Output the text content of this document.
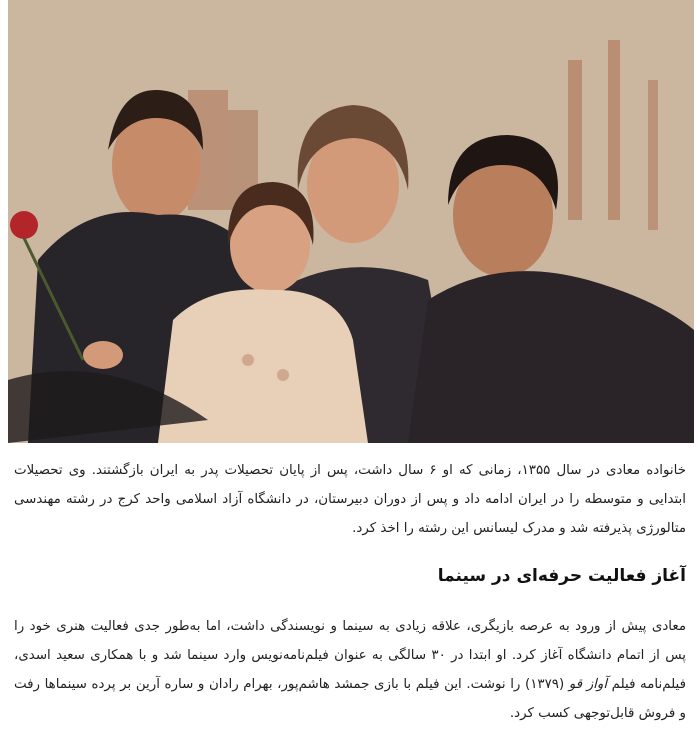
خانواده معادی در سال ۱۳۵۵، زمانی که او ۶ سال داشت، پس از پایان تحصیلات پدر به ایران بازگشتند. وی تحصیلات ابتدایی و متوسطه را در ایران ادامه داد و پس از دوران دبیرستان، در دانشگاه آزاد اسلامی واحد کرج در رشته مهندسی متالورژی پذیرفته شد و مدرک لیسانس این رشته را اخذ کرد.

آغاز فعالیت حرفه‌ای در سینما

معادی پیش از ورود به عرصه بازیگری، علاقه زیادی به سینما و نویسندگی داشت، اما به‌طور جدی فعالیت هنری خود را پس از اتمام دانشگاه آغاز کرد. او ابتدا در ۳۰ سالگی به عنوان فیلم‌نامه‌نویس وارد سینما شد و با همکاری سعید اسدی، فیلم‌نامه فیلم آواز قو (۱۳۷۹) را نوشت. این فیلم با بازی جمشد هاشم‌پور، بهرام رادان و ساره آرین بر پرده سینماها رفت و فروش قابل‌توجهی کسب کرد.
